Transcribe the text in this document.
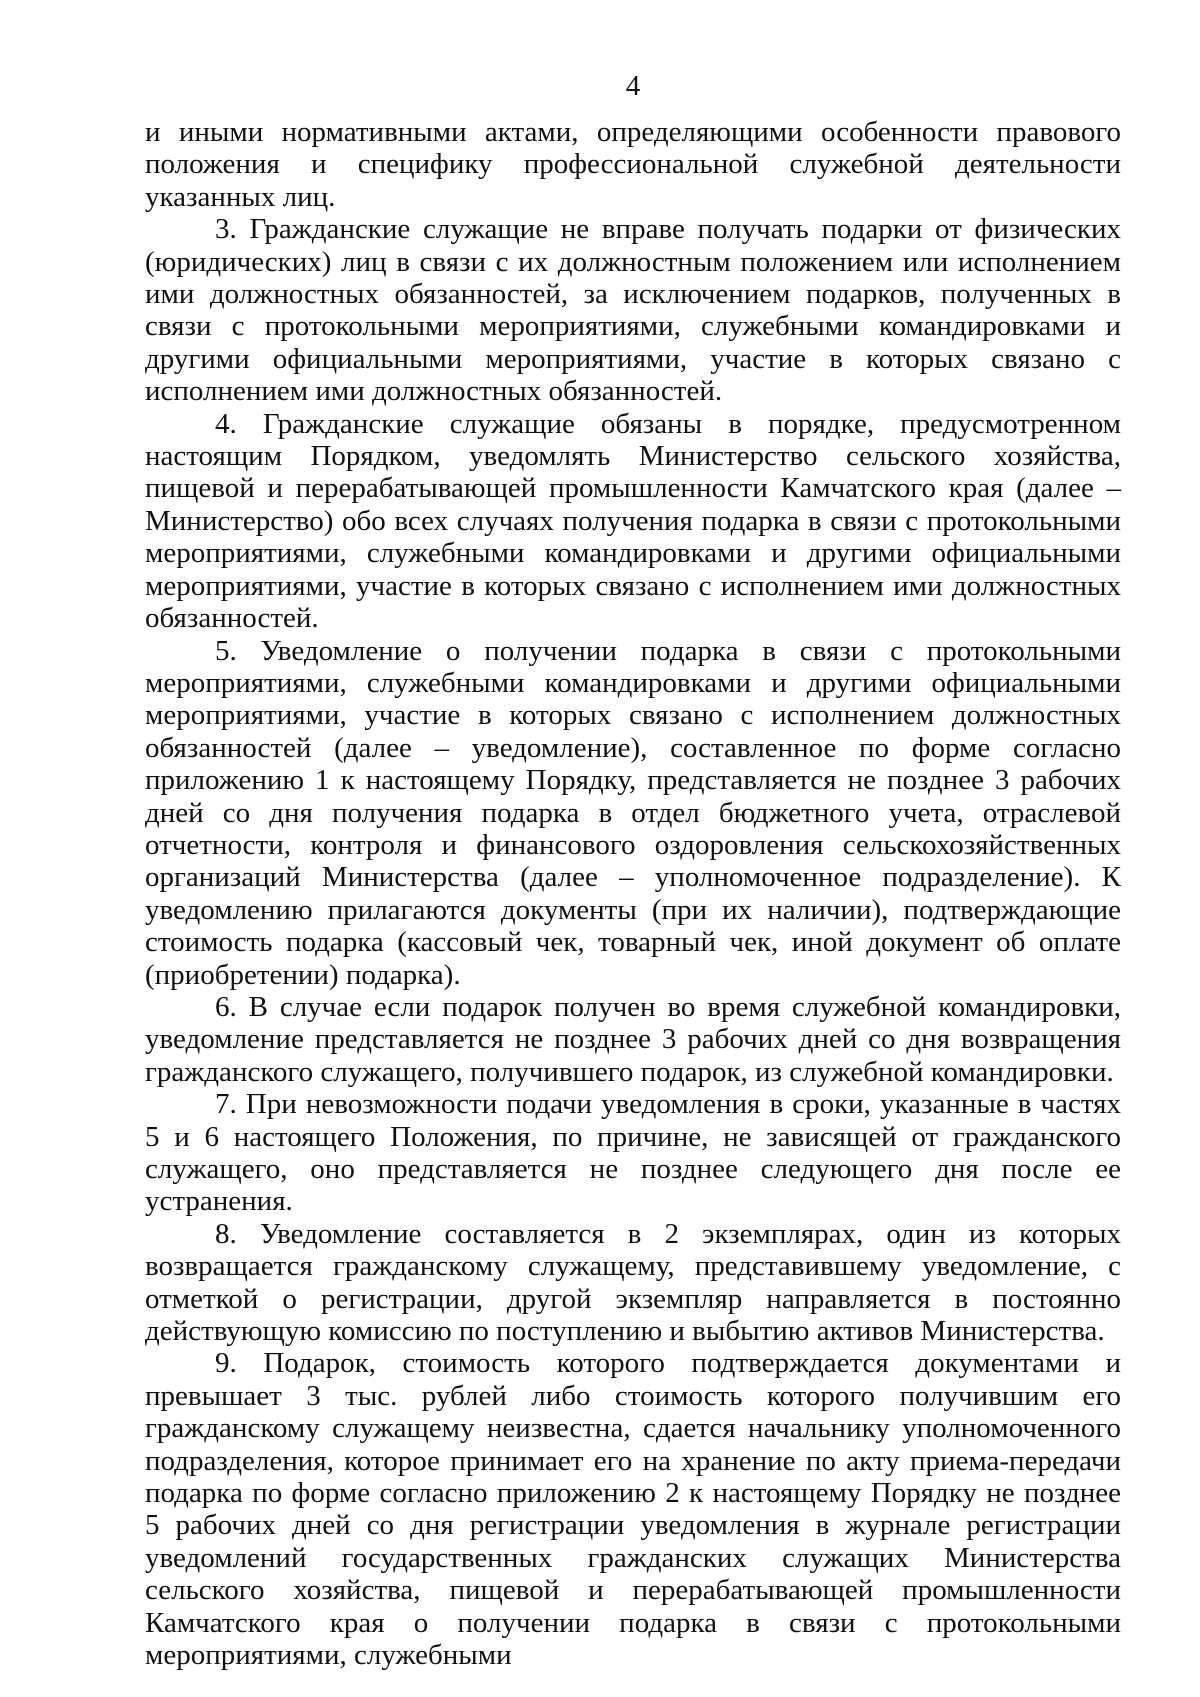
4

и иными нормативными актами, определяющими особенности правового положения и специфику профессиональной служебной деятельности указанных лиц.

3. Гражданские служащие не вправе получать подарки от физических (юридических) лиц в связи с их должностным положением или исполнением ими должностных обязанностей, за исключением подарков, полученных в связи с протокольными мероприятиями, служебными командировками и другими официальными мероприятиями, участие в которых связано с исполнением ими должностных обязанностей.

4. Гражданские служащие обязаны в порядке, предусмотренном настоящим Порядком, уведомлять Министерство сельского хозяйства, пищевой и перерабатывающей промышленности Камчатского края (далее – Министерство) обо всех случаях получения подарка в связи с протокольными мероприятиями, служебными командировками и другими официальными мероприятиями, участие в которых связано с исполнением ими должностных обязанностей.

5. Уведомление о получении подарка в связи с протокольными мероприятиями, служебными командировками и другими официальными мероприятиями, участие в которых связано с исполнением должностных обязанностей (далее – уведомление), составленное по форме согласно приложению 1 к настоящему Порядку, представляется не позднее 3 рабочих дней со дня получения подарка в отдел бюджетного учета, отраслевой отчетности, контроля и финансового оздоровления сельскохозяйственных организаций Министерства (далее – уполномоченное подразделение). К уведомлению прилагаются документы (при их наличии), подтверждающие стоимость подарка (кассовый чек, товарный чек, иной документ об оплате (приобретении) подарка).

6. В случае если подарок получен во время служебной командировки, уведомление представляется не позднее 3 рабочих дней со дня возвращения гражданского служащего, получившего подарок, из служебной командировки.

7. При невозможности подачи уведомления в сроки, указанные в частях 5 и 6 настоящего Положения, по причине, не зависящей от гражданского служащего, оно представляется не позднее следующего дня после ее устранения.

8. Уведомление составляется в 2 экземплярах, один из которых возвращается гражданскому служащему, представившему уведомление, с отметкой о регистрации, другой экземпляр направляется в постоянно действующую комиссию по поступлению и выбытию активов Министерства.

9. Подарок, стоимость которого подтверждается документами и превышает 3 тыс. рублей либо стоимость которого получившим его гражданскому служащему неизвестна, сдается начальнику уполномоченного подразделения, которое принимает его на хранение по акту приема-передачи подарка по форме согласно приложению 2 к настоящему Порядку не позднее 5 рабочих дней со дня регистрации уведомления в журнале регистрации уведомлений государственных гражданских служащих Министерства сельского хозяйства, пищевой и перерабатывающей промышленности Камчатского края о получении подарка в связи с протокольными мероприятиями, служебными
